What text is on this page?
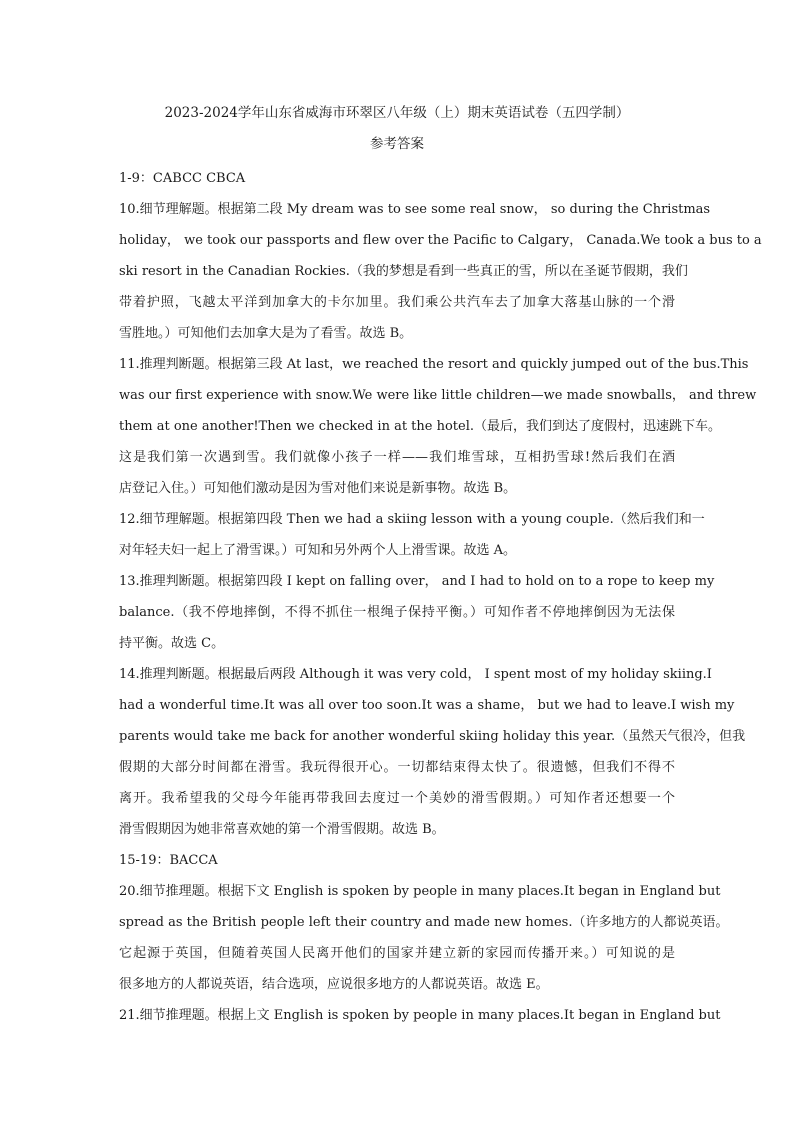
2023-2024学年山东省威海市环翠区八年级（上）期末英语试卷（五四学制）
参考答案
1-9：CABCC CBCA
10.细节理解题。根据第二段 My dream was to see some real snow， so during the Christmas
holiday， we took our passports and flew over the Pacific to Calgary， Canada.We took a bus to a
ski resort in the Canadian Rockies.（我的梦想是看到一些真正的雪，所以在圣诞节假期，我们
带着护照，飞越太平洋到加拿大的卡尔加里。我们乘公共汽车去了加拿大落基山脉的一个滑
雪胜地。）可知他们去加拿大是为了看雪。故选 B。
11.推理判断题。根据第三段 At last，we reached the resort and quickly jumped out of the bus.This
was our first experience with snow.We were like little children—we made snowballs， and threw
them at one another!Then we checked in at the hotel.（最后，我们到达了度假村，迅速跳下车。
这是我们第一次遇到雪。我们就像小孩子一样——我们堆雪球，互相扔雪球!然后我们在酒
店登记入住。）可知他们激动是因为雪对他们来说是新事物。故选 B。
12.细节理解题。根据第四段 Then we had a skiing lesson with a young couple.（然后我们和一
对年轻夫妇一起上了滑雪课。）可知和另外两个人上滑雪课。故选 A。
13.推理判断题。根据第四段 I kept on falling over， and I had to hold on to a rope to keep my
balance.（我不停地摔倒，不得不抓住一根绳子保持平衡。）可知作者不停地摔倒因为无法保
持平衡。故选 C。
14.推理判断题。根据最后两段 Although it was very cold， I spent most of my holiday skiing.I
had a wonderful time.It was all over too soon.It was a shame， but we had to leave.I wish my
parents would take me back for another wonderful skiing holiday this year.（虽然天气很冷，但我
假期的大部分时间都在滑雪。我玩得很开心。一切都结束得太快了。很遗憾，但我们不得不
离开。我希望我的父母今年能再带我回去度过一个美妙的滑雪假期。）可知作者还想要一个
滑雪假期因为她非常喜欢她的第一个滑雪假期。故选 B。
15-19：BACCA
20.细节推理题。根据下文 English is spoken by people in many places.It began in England but
spread as the British people left their country and made new homes.（许多地方的人都说英语。
它起源于英国，但随着英国人民离开他们的国家并建立新的家园而传播开来。）可知说的是
很多地方的人都说英语，结合选项，应说很多地方的人都说英语。故选 E。
21.细节推理题。根据上文 English is spoken by people in many places.It began in England but
